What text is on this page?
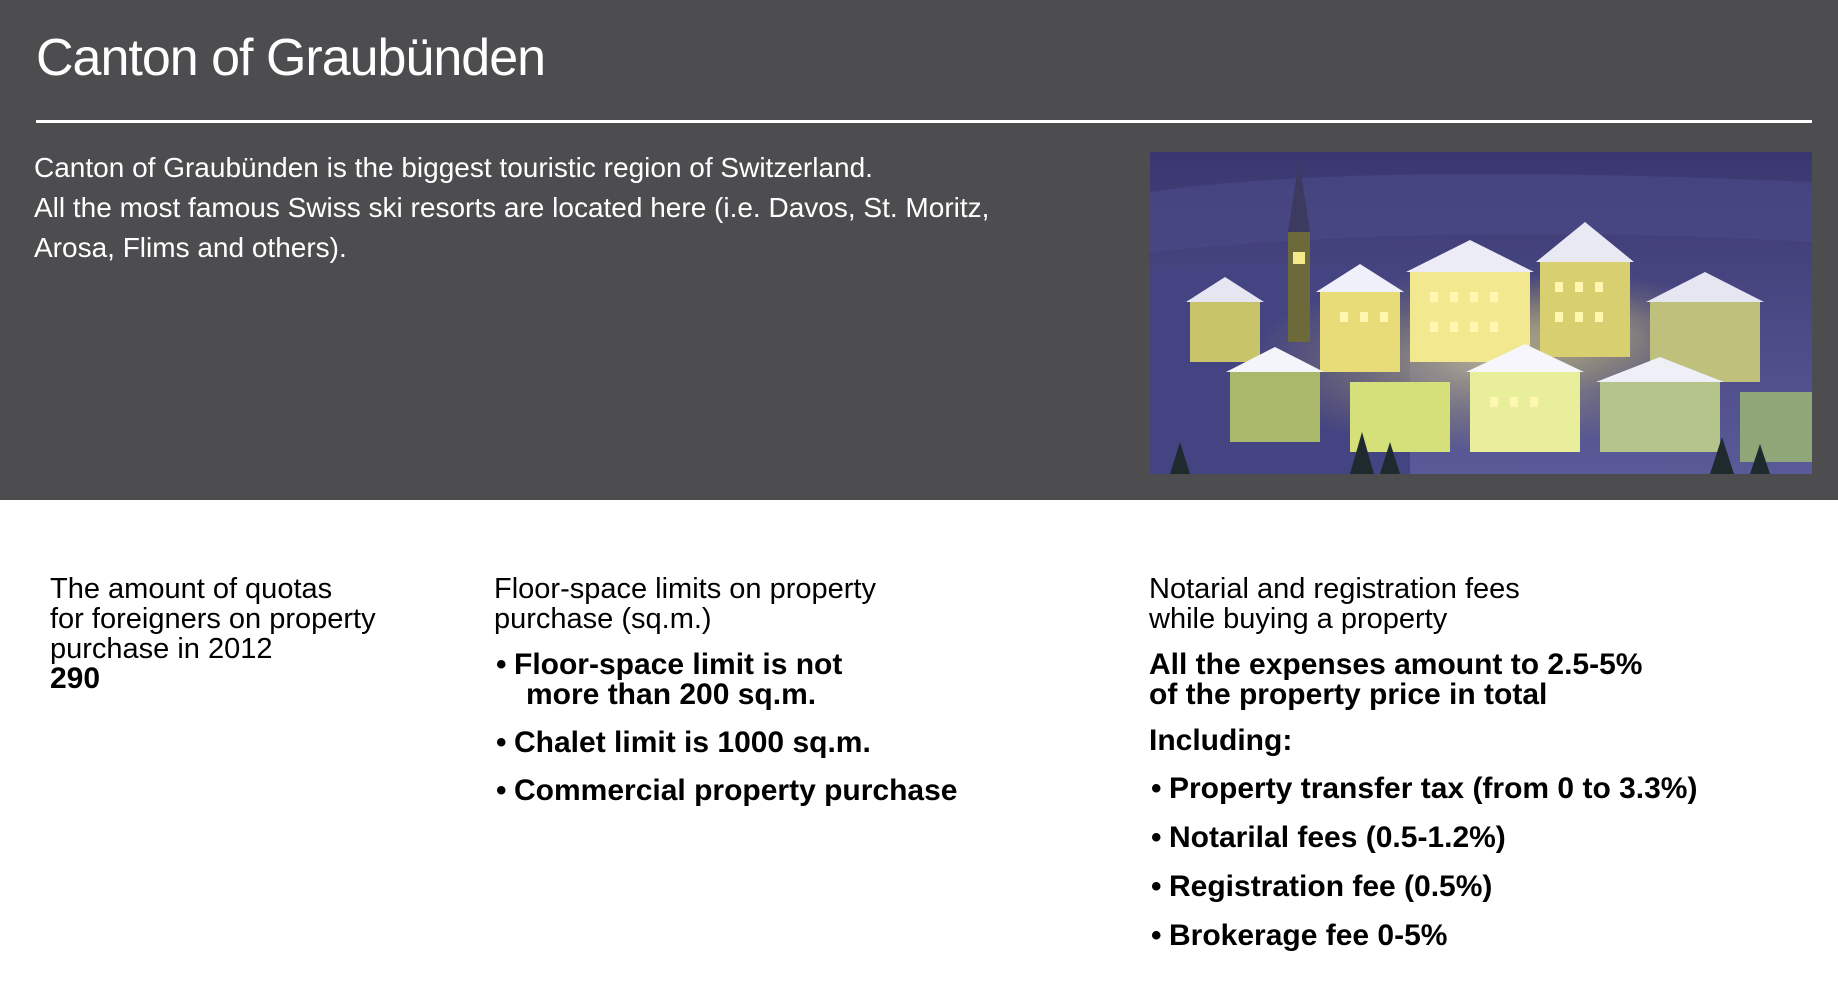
Canton of Graubünden
Canton of Graubünden is the biggest touristic region of Switzerland.
All the most famous Swiss ski resorts are located here (i.e. Davos, St. Moritz,
Arosa, Flims and others).
The amount of quotas
for foreigners on property
purchase in 2012
290
Floor-space limits on property
purchase (sq.m.)
• Floor-space limit is not
more than 200 sq.m.
• Chalet limit is 1000 sq.m.
• Commercial property purchase
Notarial and registration fees
while buying a property
All the expenses amount to 2.5-5%
of the property price in total
Including:
• Property transfer tax (from 0 to 3.3%)
• Notarilal fees (0.5-1.2%)
• Registration fee (0.5%)
• Brokerage fee 0-5%
